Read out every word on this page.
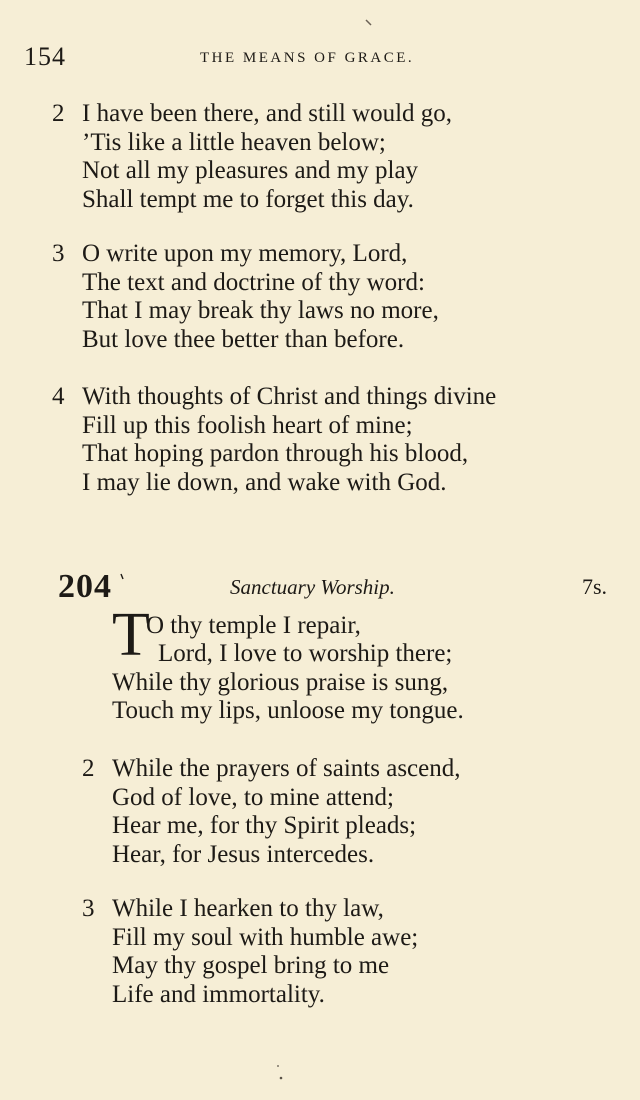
154	THE MEANS OF GRACE.
2 I have been there, and still would go,
’Tis like a little heaven below;
Not all my pleasures and my play
Shall tempt me to forget this day.
3 O write upon my memory, Lord,
The text and doctrine of thy word:
That I may break thy laws no more,
But love thee better than before.
4 With thoughts of Christ and things divine
Fill up this foolish heart of mine;
That hoping pardon through his blood,
I may lie down, and wake with God.
204	Sanctuary Worship.	7s.
T
O thy temple I repair,
Lord, I love to worship there;
While thy glorious praise is sung,
Touch my lips, unloose my tongue.
2 While the prayers of saints ascend,
God of love, to mine attend;
Hear me, for thy Spirit pleads;
Hear, for Jesus intercedes.
3 While I hearken to thy law,
Fill my soul with humble awe;
May thy gospel bring to me
Life and immortality.
